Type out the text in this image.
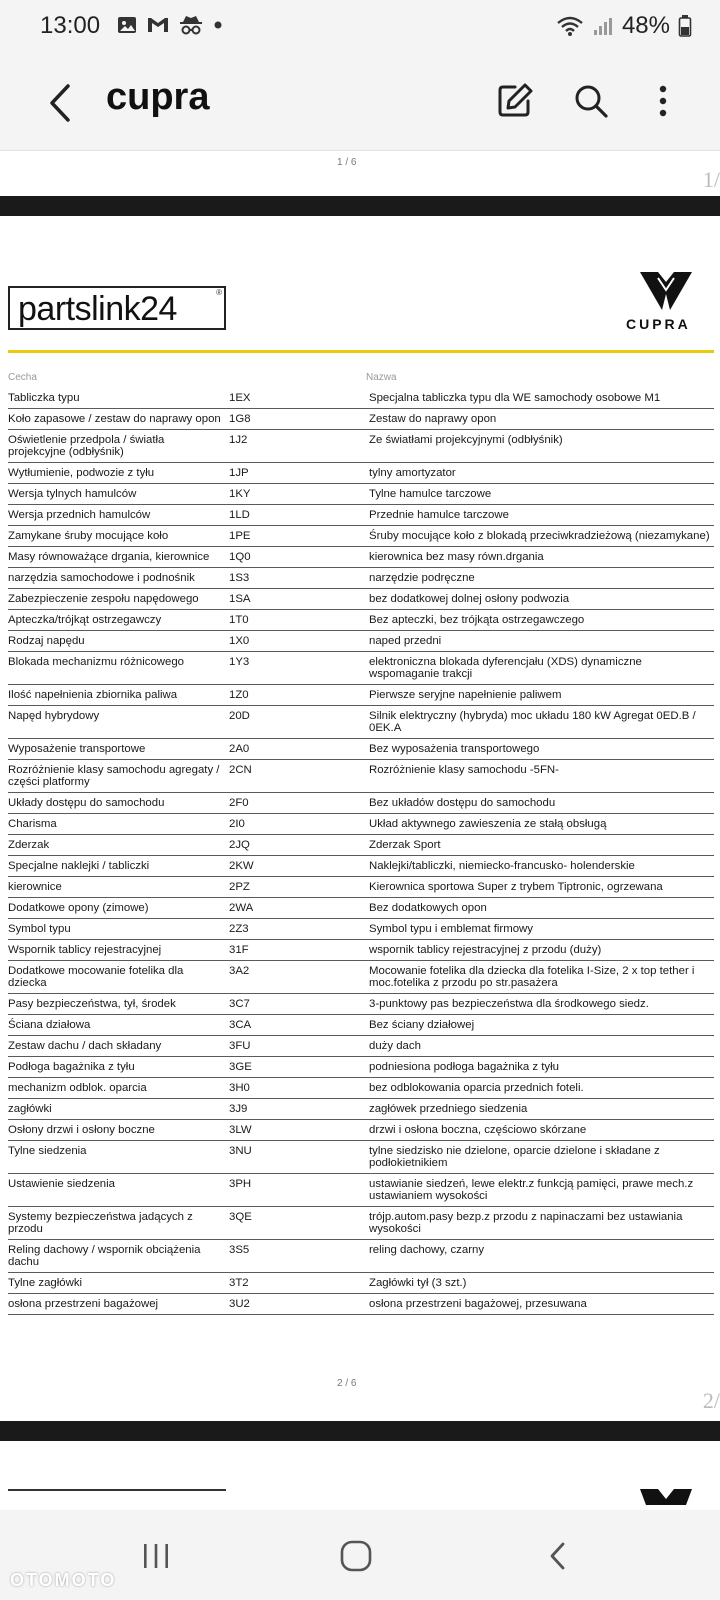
13:00	48%
cupra
1 / 6
1/
partslink24	®
CUPRA
Cecha	Nazwa
Tabliczka typu	1EX	Specjalna tabliczka typu dla WE samochody osobowe M1
Koło zapasowe / zestaw do naprawy opon	1G8	Zestaw do naprawy opon
Oświetlenie przedpola / światła projekcyjne (odbłyśnik)	1J2	Ze światłami projekcyjnymi (odbłyśnik)
Wytłumienie, podwozie z tyłu	1JP	tylny amortyzator
Wersja tylnych hamulców	1KY	Tylne hamulce tarczowe
Wersja przednich hamulców	1LD	Przednie hamulce tarczowe
Zamykane śruby mocujące koło	1PE	Śruby mocujące koło z blokadą przeciwkradzieżową (niezamykane)
Masy równoważące drgania, kierownice	1Q0	kierownica bez masy równ.drgania
narzędzia samochodowe i podnośnik	1S3	narzędzie podręczne
Zabezpieczenie zespołu napędowego	1SA	bez dodatkowej dolnej osłony podwozia
Apteczka/trójkąt ostrzegawczy	1T0	Bez apteczki, bez trójkąta ostrzegawczego
Rodzaj napędu	1X0	naped przedni
Blokada mechanizmu różnicowego	1Y3	elektroniczna blokada dyferencjału (XDS) dynamiczne wspomaganie trakcji
Ilość napełnienia zbiornika paliwa	1Z0	Pierwsze seryjne napełnienie paliwem
Napęd hybrydowy	20D	Silnik elektryczny (hybryda) moc układu 180 kW Agregat 0ED.B / 0EK.A
Wyposażenie transportowe	2A0	Bez wyposażenia transportowego
Rozróżnienie klasy samochodu agregaty / części platformy	2CN	Rozróżnienie klasy samochodu -5FN-
Układy dostępu do samochodu	2F0	Bez układów dostępu do samochodu
Charisma	2I0	Układ aktywnego zawieszenia ze stałą obsługą
Zderzak	2JQ	Zderzak Sport
Specjalne naklejki / tabliczki	2KW	Naklejki/tabliczki, niemiecko-francusko- holenderskie
kierownice	2PZ	Kierownica sportowa Super z trybem Tiptronic, ogrzewana
Dodatkowe opony (zimowe)	2WA	Bez dodatkowych opon
Symbol typu	2Z3	Symbol typu i emblemat firmowy
Wspornik tablicy rejestracyjnej	31F	wspornik tablicy rejestracyjnej z przodu (duży)
Dodatkowe mocowanie fotelika dla dziecka	3A2	Mocowanie fotelika dla dziecka dla fotelika I-Size, 2 x top tether i moc.fotelika z przodu po str.pasażera
Pasy bezpieczeństwa, tył, środek	3C7	3-punktowy pas bezpieczeństwa dla środkowego siedz.
Ściana działowa	3CA	Bez ściany działowej
Zestaw dachu / dach składany	3FU	duży dach
Podłoga bagażnika z tyłu	3GE	podniesiona podłoga bagażnika z tyłu
mechanizm odblok. oparcia	3H0	bez odblokowania oparcia przednich foteli.
zagłówki	3J9	zagłówek przedniego siedzenia
Osłony drzwi i osłony boczne	3LW	drzwi i osłona boczna, częściowo skórzane
Tylne siedzenia	3NU	tylne siedzisko nie dzielone, oparcie dzielone i składane z podłokietnikiem
Ustawienie siedzenia	3PH	ustawianie siedzeń, lewe elektr.z funkcją pamięci, prawe mech.z ustawianiem wysokości
Systemy bezpieczeństwa jadących z przodu	3QE	trójp.autom.pasy bezp.z przodu z napinaczami bez ustawiania wysokości
Reling dachowy / wspornik obciążenia dachu	3S5	reling dachowy, czarny
Tylne zagłówki	3T2	Zagłówki tył (3 szt.)
osłona przestrzeni bagażowej	3U2	osłona przestrzeni bagażowej, przesuwana
2 / 6
2/
OTOMOTO
